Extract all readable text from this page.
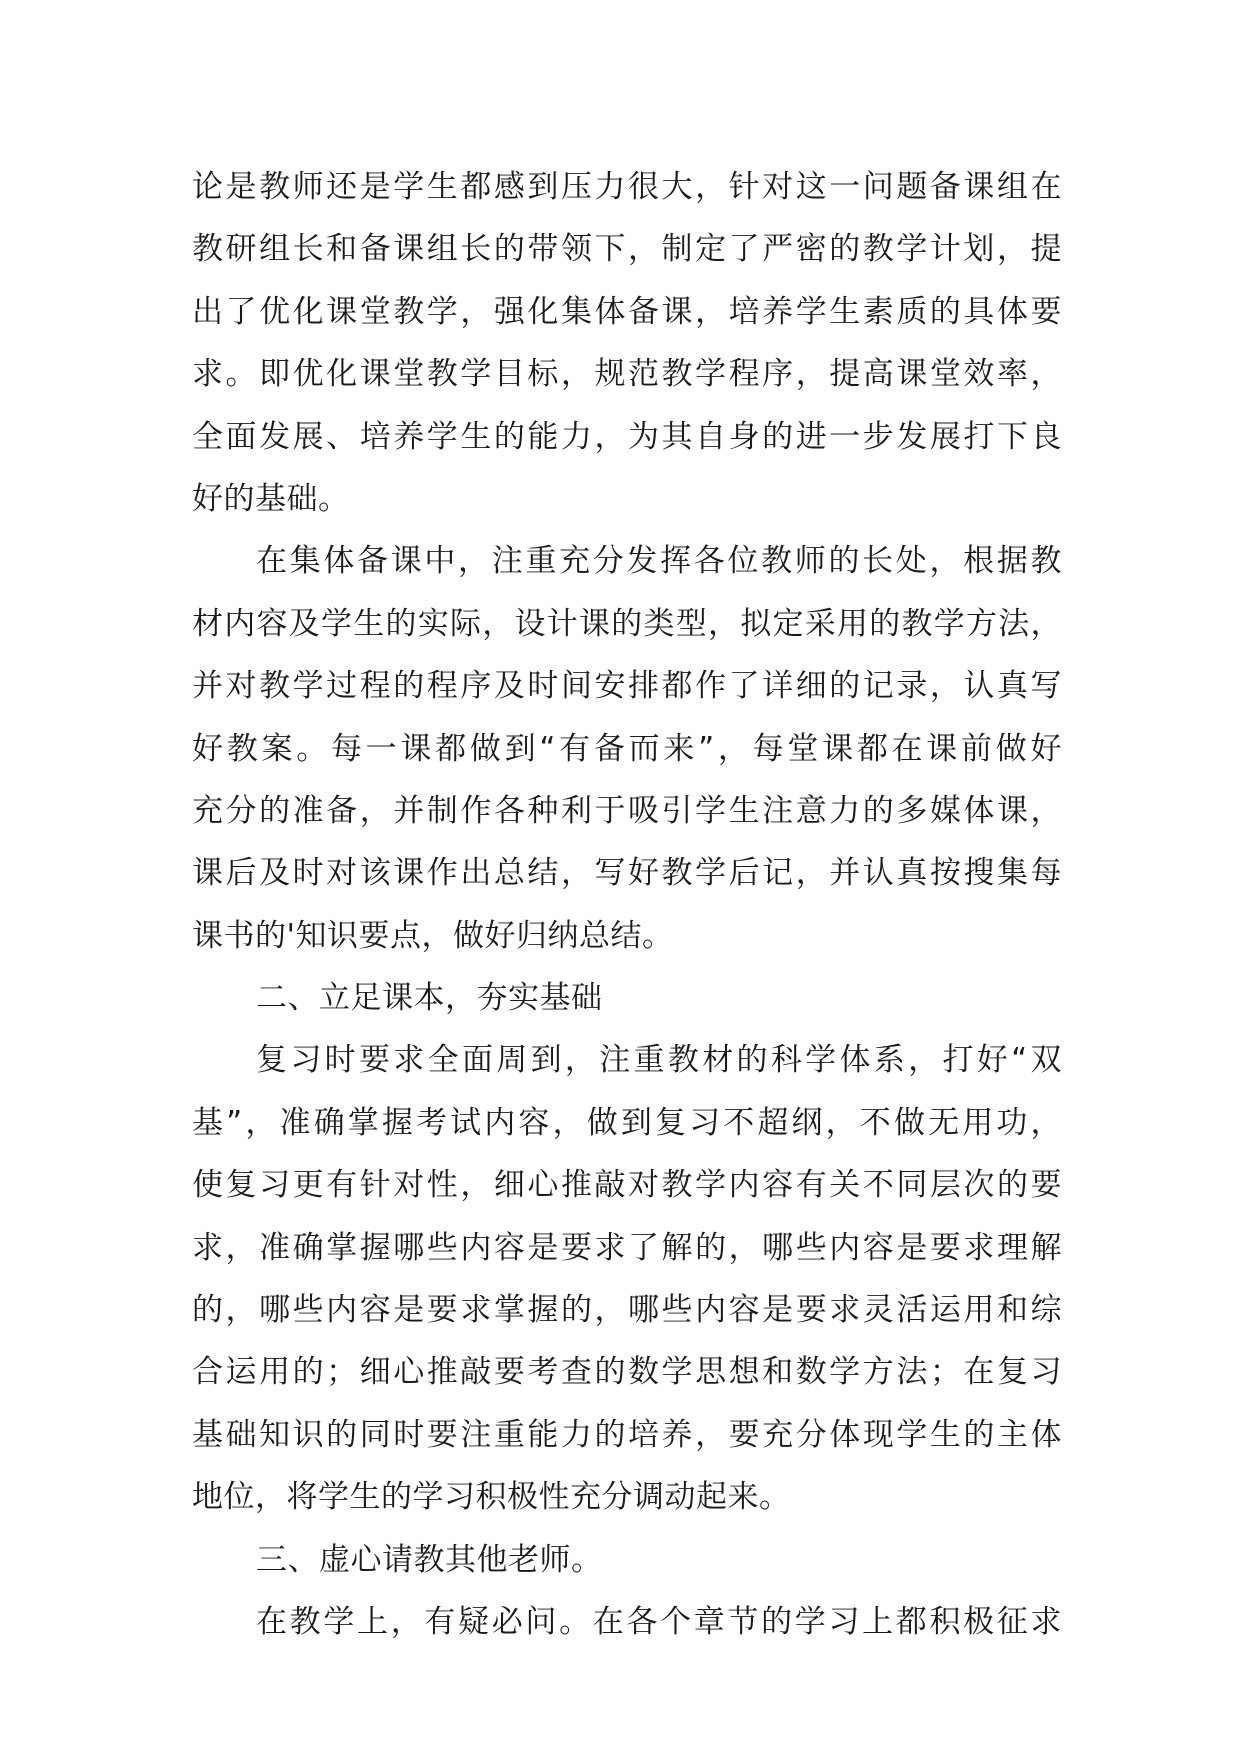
论是教师还是学生都感到压力很大，针对这一问题备课组在
教研组长和备课组长的带领下，制定了严密的教学计划，提
出了优化课堂教学，强化集体备课，培养学生素质的具体要
求。即优化课堂教学目标，规范教学程序，提高课堂效率，
全面发展、培养学生的能力，为其自身的进一步发展打下良
好的基础。
在集体备课中，注重充分发挥各位教师的长处，根据教
材内容及学生的实际，设计课的类型，拟定采用的教学方法，
并对教学过程的程序及时间安排都作了详细的记录，认真写
好教案。每一课都做到“有备而来”，每堂课都在课前做好
充分的准备，并制作各种利于吸引学生注意力的多媒体课，
课后及时对该课作出总结，写好教学后记，并认真按搜集每
课书的'知识要点，做好归纳总结。
二、立足课本，夯实基础
复习时要求全面周到，注重教材的科学体系，打好“双
基”，准确掌握考试内容，做到复习不超纲，不做无用功，
使复习更有针对性，细心推敲对教学内容有关不同层次的要
求，准确掌握哪些内容是要求了解的，哪些内容是要求理解
的，哪些内容是要求掌握的，哪些内容是要求灵活运用和综
合运用的；细心推敲要考查的数学思想和数学方法；在复习
基础知识的同时要注重能力的培养，要充分体现学生的主体
地位，将学生的学习积极性充分调动起来。
三、虚心请教其他老师。
在教学上，有疑必问。在各个章节的学习上都积极征求
